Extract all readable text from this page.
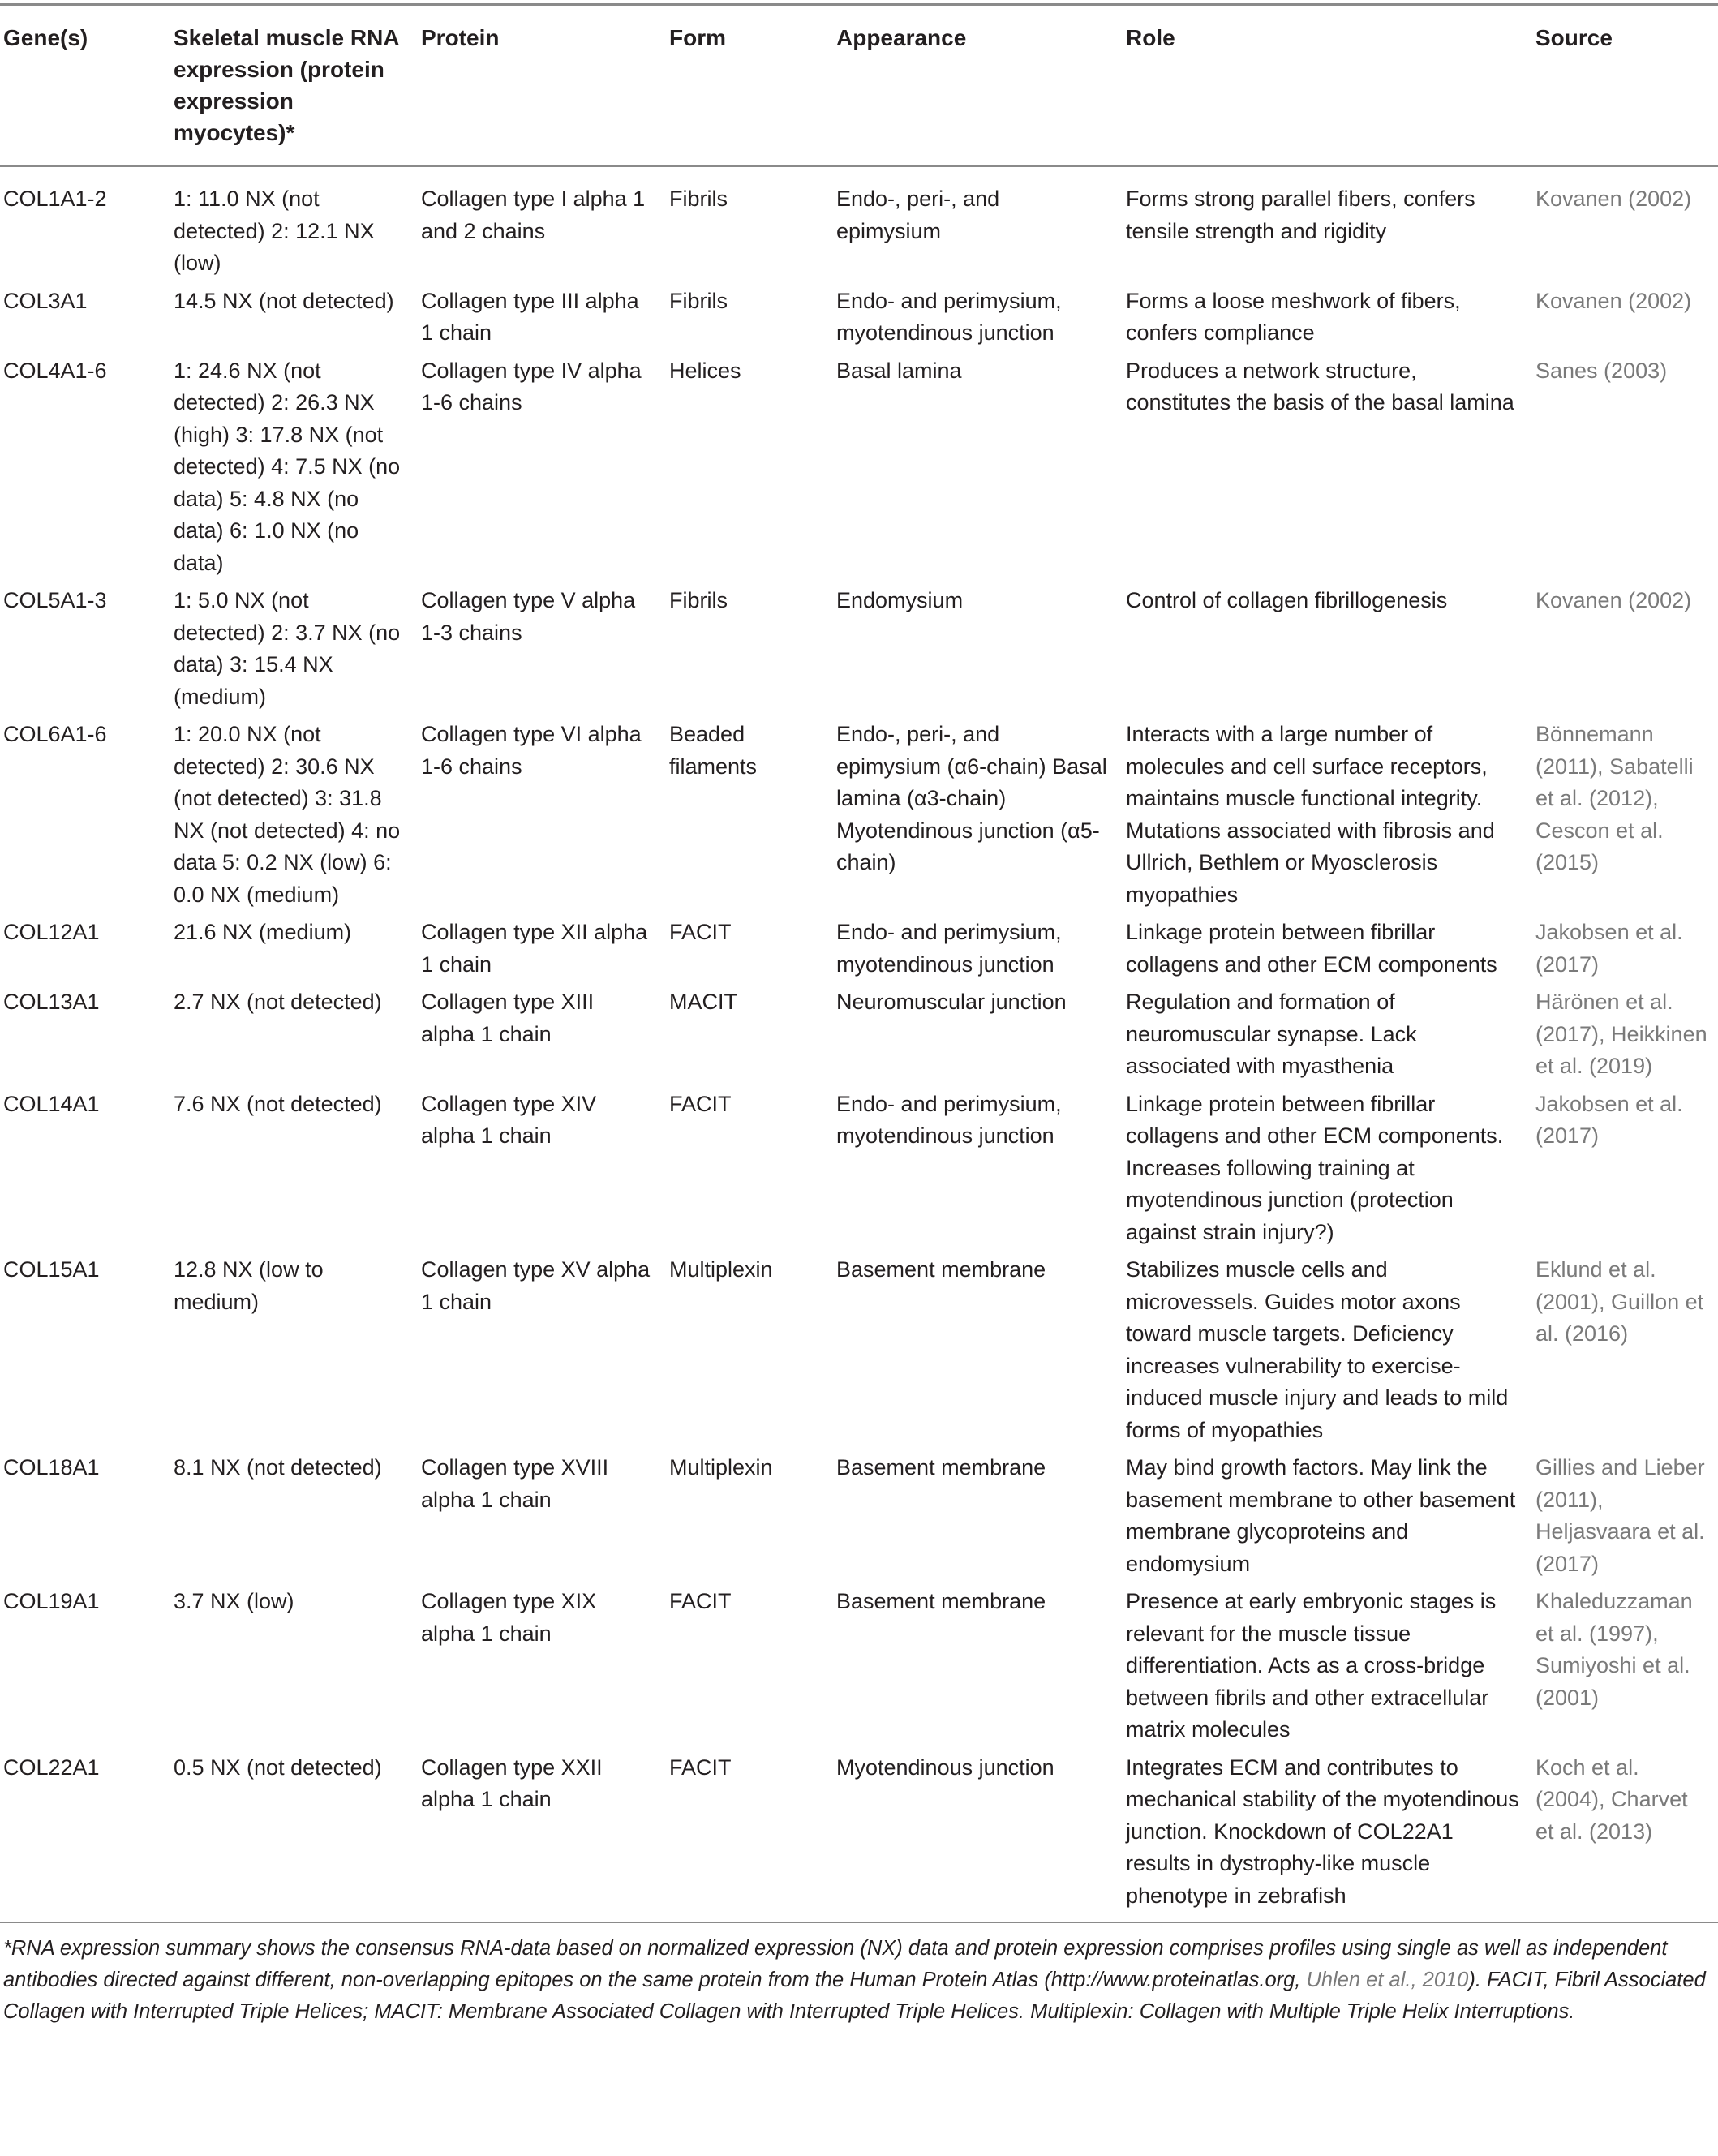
Gene(s)	Skeletal muscle RNA expression (protein expression myocytes)*	Protein	Form	Appearance	Role	Source
COL1A1-2	1: 11.0 NX (not detected) 2: 12.1 NX (low)	Collagen type I alpha 1 and 2 chains	Fibrils	Endo-, peri-, and epimysium	Forms strong parallel fibers, confers tensile strength and rigidity	Kovanen (2002)
COL3A1	14.5 NX (not detected)	Collagen type III alpha 1 chain	Fibrils	Endo- and perimysium, myotendinous junction	Forms a loose meshwork of fibers, confers compliance	Kovanen (2002)
COL4A1-6	1: 24.6 NX (not detected) 2: 26.3 NX (high) 3: 17.8 NX (not detected) 4: 7.5 NX (no data) 5: 4.8 NX (no data) 6: 1.0 NX (no data)	Collagen type IV alpha 1-6 chains	Helices	Basal lamina	Produces a network structure, constitutes the basis of the basal lamina	Sanes (2003)
COL5A1-3	1: 5.0 NX (not detected) 2: 3.7 NX (no data) 3: 15.4 NX (medium)	Collagen type V alpha 1-3 chains	Fibrils	Endomysium	Control of collagen fibrillogenesis	Kovanen (2002)
COL6A1-6	1: 20.0 NX (not detected) 2: 30.6 NX (not detected) 3: 31.8 NX (not detected) 4: no data 5: 0.2 NX (low) 6: 0.0 NX (medium)	Collagen type VI alpha 1-6 chains	Beaded filaments	Endo-, peri-, and epimysium (α6-chain) Basal lamina (α3-chain) Myotendinous junction (α5-chain)	Interacts with a large number of molecules and cell surface receptors, maintains muscle functional integrity. Mutations associated with fibrosis and Ullrich, Bethlem or Myosclerosis myopathies	Bönnemann (2011), Sabatelli et al. (2012), Cescon et al. (2015)
COL12A1	21.6 NX (medium)	Collagen type XII alpha 1 chain	FACIT	Endo- and perimysium, myotendinous junction	Linkage protein between fibrillar collagens and other ECM components	Jakobsen et al. (2017)
COL13A1	2.7 NX (not detected)	Collagen type XIII alpha 1 chain	MACIT	Neuromuscular junction	Regulation and formation of neuromuscular synapse. Lack associated with myasthenia	Härönen et al. (2017), Heikkinen et al. (2019)
COL14A1	7.6 NX (not detected)	Collagen type XIV alpha 1 chain	FACIT	Endo- and perimysium, myotendinous junction	Linkage protein between fibrillar collagens and other ECM components. Increases following training at myotendinous junction (protection against strain injury?)	Jakobsen et al. (2017)
COL15A1	12.8 NX (low to medium)	Collagen type XV alpha 1 chain	Multiplexin	Basement membrane	Stabilizes muscle cells and microvessels. Guides motor axons toward muscle targets. Deficiency increases vulnerability to exercise-induced muscle injury and leads to mild forms of myopathies	Eklund et al. (2001), Guillon et al. (2016)
COL18A1	8.1 NX (not detected)	Collagen type XVIII alpha 1 chain	Multiplexin	Basement membrane	May bind growth factors. May link the basement membrane to other basement membrane glycoproteins and endomysium	Gillies and Lieber (2011), Heljasvaara et al. (2017)
COL19A1	3.7 NX (low)	Collagen type XIX alpha 1 chain	FACIT	Basement membrane	Presence at early embryonic stages is relevant for the muscle tissue differentiation. Acts as a cross-bridge between fibrils and other extracellular matrix molecules	Khaleduzzaman et al. (1997), Sumiyoshi et al. (2001)
COL22A1	0.5 NX (not detected)	Collagen type XXII alpha 1 chain	FACIT	Myotendinous junction	Integrates ECM and contributes to mechanical stability of the myotendinous junction. Knockdown of COL22A1 results in dystrophy-like muscle phenotype in zebrafish	Koch et al. (2004), Charvet et al. (2013)
*RNA expression summary shows the consensus RNA-data based on normalized expression (NX) data and protein expression comprises profiles using single as well as independent antibodies directed against different, non-overlapping epitopes on the same protein from the Human Protein Atlas (http://www.proteinatlas.org, Uhlen et al., 2010). FACIT, Fibril Associated Collagen with Interrupted Triple Helices; MACIT: Membrane Associated Collagen with Interrupted Triple Helices. Multiplexin: Collagen with Multiple Triple Helix Interruptions.						
